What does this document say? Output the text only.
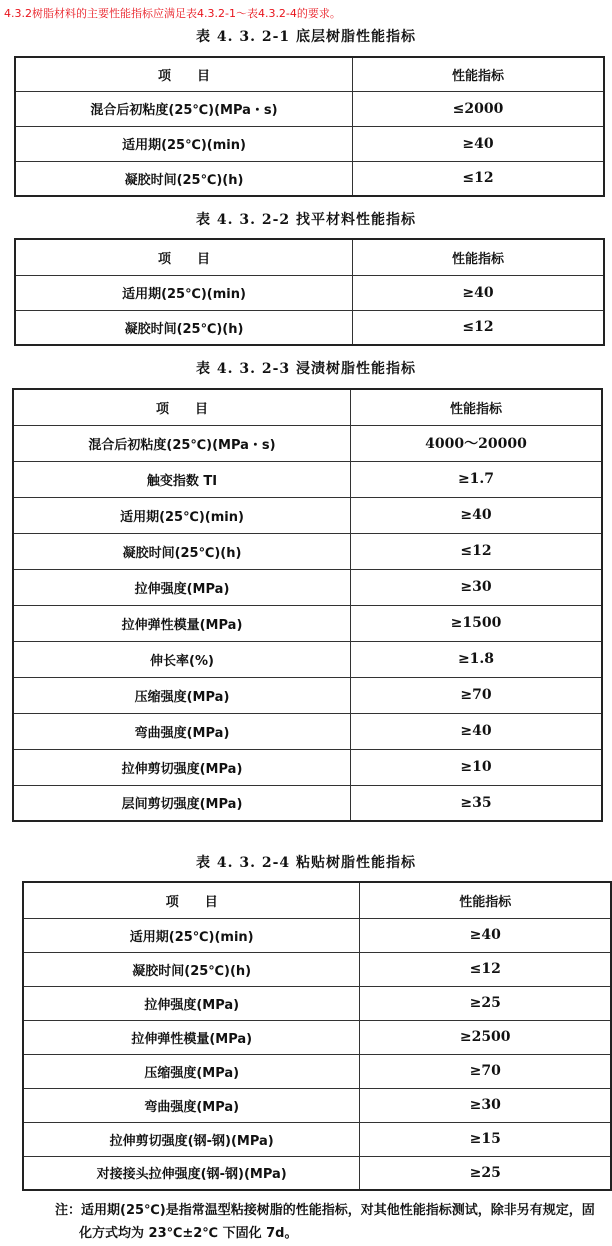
4.3.2树脂材料的主要性能指标应满足表4.3.2-1～表4.3.2-4的要求。
表 4. 3. 2-1 底层树脂性能指标
项　　目	性能指标
混合后初粘度(25℃)(MPa・s)	≤2000
适用期(25℃)(min)	≥40
凝胶时间(25℃)(h)	≤12
表 4. 3. 2-2 找平材料性能指标
项　　目	性能指标
适用期(25℃)(min)	≥40
凝胶时间(25℃)(h)	≤12
表 4. 3. 2-3 浸渍树脂性能指标
项　　目	性能指标
混合后初粘度(25℃)(MPa・s)	4000～20000
触变指数 TI	≥1.7
适用期(25℃)(min)	≥40
凝胶时间(25℃)(h)	≤12
拉伸强度(MPa)	≥30
拉伸弹性模量(MPa)	≥1500
伸长率(%)	≥1.8
压缩强度(MPa)	≥70
弯曲强度(MPa)	≥40
拉伸剪切强度(MPa)	≥10
层间剪切强度(MPa)	≥35
表 4. 3. 2-4 粘贴树脂性能指标
项　　目	性能指标
适用期(25℃)(min)	≥40
凝胶时间(25℃)(h)	≤12
拉伸强度(MPa)	≥25
拉伸弹性模量(MPa)	≥2500
压缩强度(MPa)	≥70
弯曲强度(MPa)	≥30
拉伸剪切强度(钢-钢)(MPa)	≥15
对接接头拉伸强度(钢-钢)(MPa)	≥25
注：适用期(25℃)是指常温型粘接树脂的性能指标，对其他性能指标测试，除非另有规定，固化方式均为 23℃±2℃ 下固化 7d。
